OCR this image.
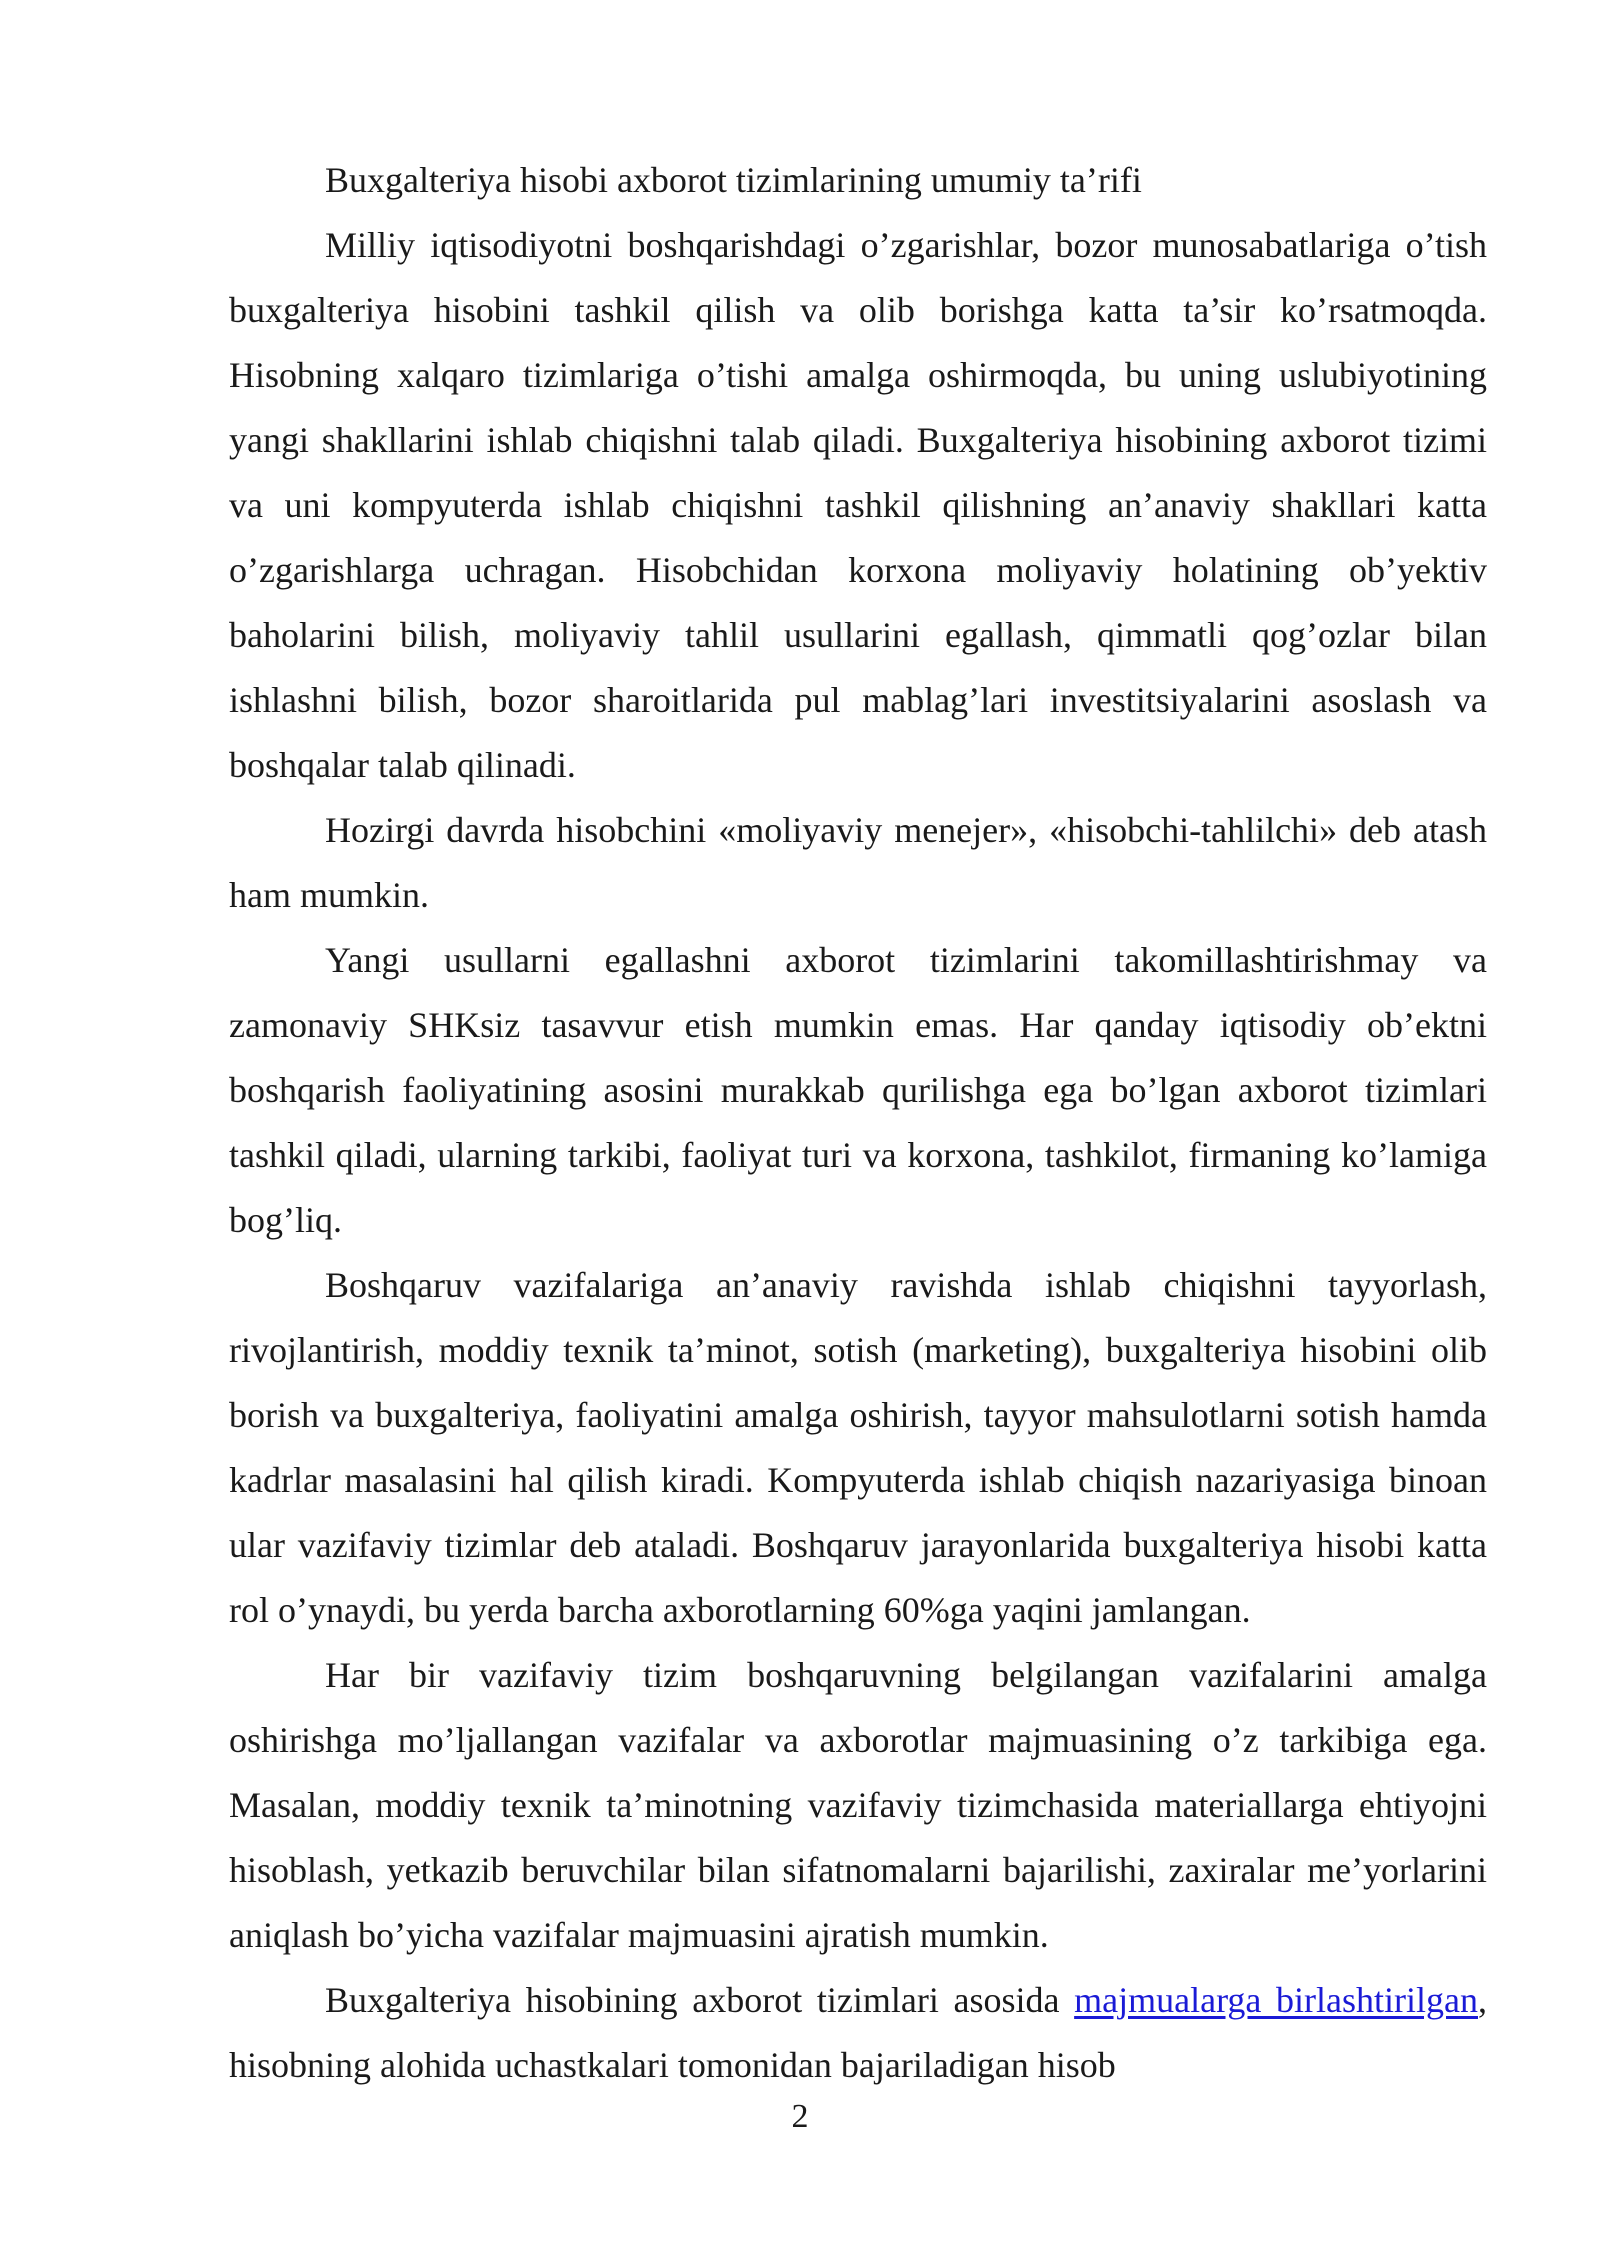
Buxgalteriya hisobi axborot tizimlarining umumiy ta’rifi

Milliy iqtisodiyotni boshqarishdagi o’zgarishlar, bozor munosabatlariga o’tish buxgalteriya hisobini tashkil qilish va olib borishga katta ta’sir ko’rsatmoqda. Hisobning xalqaro tizimlariga o’tishi amalga oshirmoqda, bu uning uslubiyotining yangi shakllarini ishlab chiqishni talab qiladi. Buxgalteriya hisobining axborot tizimi va uni kompyuterda ishlab chiqishni tashkil qilishning an’anaviy shakllari katta o’zgarishlarga uchragan. Hisobchidan korxona moliyaviy holatining ob’yektiv baholarini bilish, moliyaviy tahlil usullarini egallash, qimmatli qog’ozlar bilan ishlashni bilish, bozor sharoitlarida pul mablag’lari investitsiyalarini asoslash va boshqalar talab qilinadi.

Hozirgi davrda hisobchini «moliyaviy menejer», «hisobchi-tahlilchi» deb atash ham mumkin.

Yangi usullarni egallashni axborot tizimlarini takomillashtirishmay va zamonaviy SHKsiz tasavvur etish mumkin emas. Har qanday iqtisodiy ob’ektni boshqarish faoliyatining asosini murakkab qurilishga ega bo’lgan axborot tizimlari tashkil qiladi, ularning tarkibi, faoliyat turi va korxona, tashkilot, firmaning ko’lamiga bog’liq.

Boshqaruv vazifalariga an’anaviy ravishda ishlab chiqishni tayyorlash, rivojlantirish, moddiy texnik ta’minot, sotish (marketing), buxgalteriya hisobini olib borish va buxgalteriya, faoliyatini amalga oshirish, tayyor mahsulotlarni sotish hamda kadrlar masalasini hal qilish kiradi. Kompyuterda ishlab chiqish nazariyasiga binoan ular vazifaviy tizimlar deb ataladi. Boshqaruv jarayonlarida buxgalteriya hisobi katta rol o’ynaydi, bu yerda barcha axborotlarning 60%ga yaqini jamlangan.

Har bir vazifaviy tizim boshqaruvning belgilangan vazifalarini amalga oshirishga mo’ljallangan vazifalar va axborotlar majmuasining o’z tarkibiga ega. Masalan, moddiy texnik ta’minotning vazifaviy tizimchasida materiallarga ehtiyojni hisoblash, yetkazib beruvchilar bilan sifatnomalarni bajarilishi, zaxiralar me’yorlarini aniqlash bo’yicha vazifalar majmuasini ajratish mumkin.

Buxgalteriya hisobining axborot tizimlari asosida majmualarga birlashtirilgan, hisobning alohida uchastkalari tomonidan bajariladigan hisob

2
